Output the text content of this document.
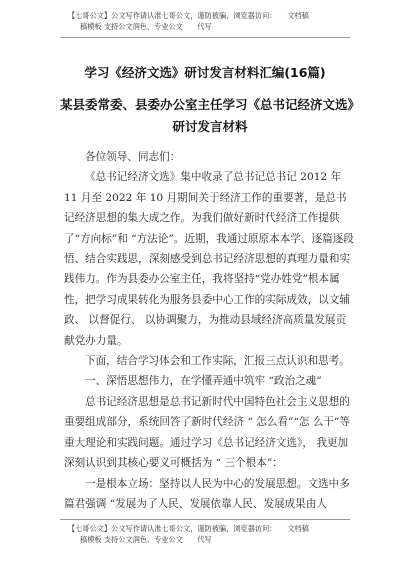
【七哥公文】公文写作请认准七哥公文，谨防被骗，浏览器访问：　　文档稿
稿模板 支持公文润色、专业公文　　代写
学习《经济文选》研讨发言材料汇编(16篇)
某县委常委、县委办公室主任学习《总书记经济文选》研讨发言材料

各位领导、同志们：

《总书记经济文选》集中收录了总书记总书记 2012 年 11 月至 2022 年 10 月期间关于经济工作的重要著，是总书记经济思想的集大成之作。为我们做好新时代经济工作提供了“方向标”和 “方法论”。近期，我通过原原本本学、逐篇逐段悟、结合实践思，深刻感受到总书记经济思想的真理力量和实践伟力。作为县委办公室主任，我将坚持“党办姓党”根本属性，把学习成果转化为服务县委中心工作的实际成效，以文辅政、 以督促行、 以协调聚力，为推动县域经济高质量发展贡献党办力量。

下面，结合学习体会和工作实际，汇报三点认识和思考。

一、深悟思想伟力，在学懂弄通中筑牢 “政治之魂”

总书记经济思想是总书记新时代中国特色社会主义思想的重要组成部分，系统回答了新时代经济 “ 怎么看”“怎 么干”等重大理论和实践问题。通过学习《总书记经济文选》， 我更加深刻认识到其核心要义可概括为 “ 三个根本”：

一是根本立场：坚持以人民为中心的发展思想。文选中多篇君强调 “发展为了人民、发展依靠人民、发展成果由人

【七哥公文】公文写作请认准七哥公文，谨防被骗，浏览器访问：　　文档稿
稿模板 支持公文润色、专业公文　　代写
